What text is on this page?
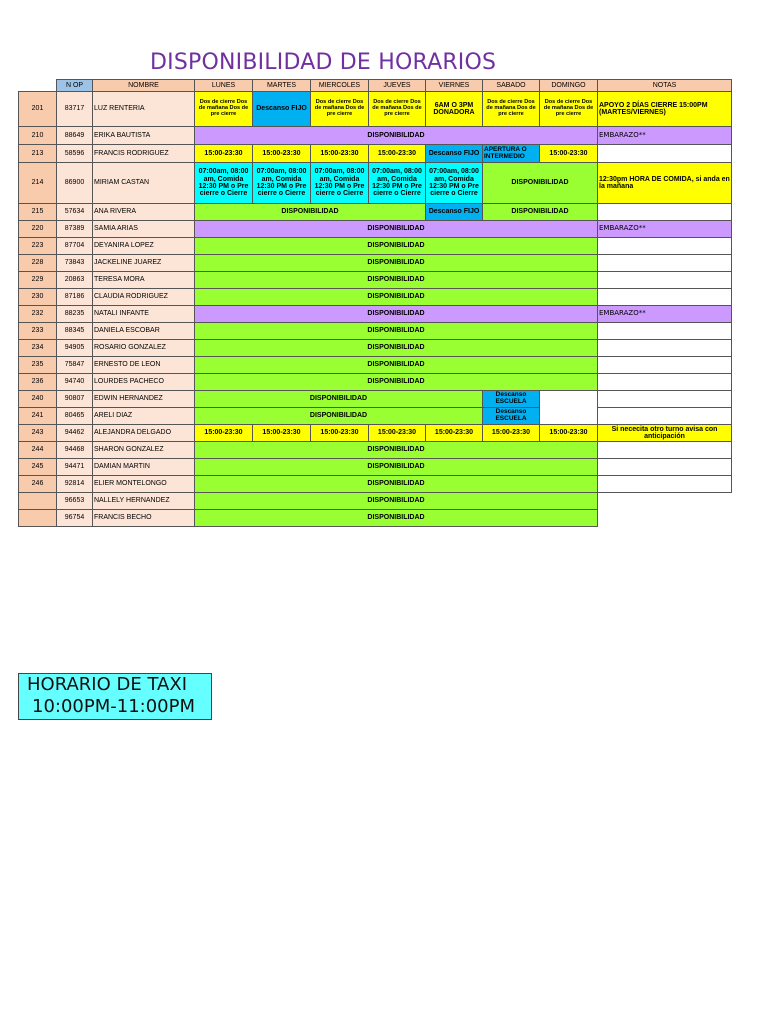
DISPONIBILIDAD DE HORARIOS
	N OP	NOMBRE	LUNES	MARTES	MIERCOLES	JUEVES	VIERNES	SABADO	DOMINGO	NOTAS
201	83717	LUZ RENTERIA	Dos de cierre Dos de mañana Dos de pre cierre	Descanso FIJO	Dos de cierre Dos de mañana Dos de pre cierre	Dos de cierre Dos de mañana Dos de pre cierre	6AM O 3PM DONADORA	Dos de cierre Dos de mañana Dos de pre cierre	Dos de cierre Dos de mañana Dos de pre cierre	APOYO 2 DÍAS CIERRE 15:00PM (MARTES/VIERNES)
210	88649	ERIKA BAUTISTA	DISPONIBILIDAD							EMBARAZO**
213	58596	FRANCIS RODRIGUEZ	15:00-23:30	15:00-23:30	15:00-23:30	15:00-23:30	Descanso FIJO	APERTURA O INTERMEDIO	15:00-23:30	
214	86900	MIRIAM CASTAN	07:00am, 08:00 am, Comida 12:30 PM o Pre cierre o Cierre	07:00am, 08:00 am, Comida 12:30 PM o Pre cierre o Cierre	07:00am, 08:00 am, Comida 12:30 PM o Pre cierre o Cierre	07:00am, 08:00 am, Comida 12:30 PM o Pre cierre o Cierre	07:00am, 08:00 am, Comida 12:30 PM o Pre cierre o Cierre	DISPONIBILIDAD		12:30pm HORA DE COMIDA, si anda en la mañana
215	57634	ANA RIVERA	DISPONIBILIDAD				Descanso FIJO	DISPONIBILIDAD		
220	87389	SAMIA ARIAS	DISPONIBILIDAD							EMBARAZO**
223	87704	DEYANIRA LOPEZ	DISPONIBILIDAD							
228	73843	JACKELINE JUAREZ	DISPONIBILIDAD							
229	20863	TERESA MORA	DISPONIBILIDAD							
230	87186	CLAUDIA RODRIGUEZ	DISPONIBILIDAD							
232	88235	NATALI INFANTE	DISPONIBILIDAD							EMBARAZO**
233	88345	DANIELA ESCOBAR	DISPONIBILIDAD							
234	94905	ROSARIO GONZALEZ	DISPONIBILIDAD							
235	75847	ERNESTO DE LEON	DISPONIBILIDAD							
236	94740	LOURDES PACHECO	DISPONIBILIDAD							
240	90807	EDWIN HERNANDEZ	DISPONIBILIDAD					Descanso ESCUELA		
241	80465	ARELI DIAZ	DISPONIBILIDAD					Descanso ESCUELA		
243	94462	ALEJANDRA DELGADO	15:00-23:30	15:00-23:30	15:00-23:30	15:00-23:30	15:00-23:30	15:00-23:30	15:00-23:30	Si nececita otro turno avisa con anticipación
244	94468	SHARON GONZALEZ	DISPONIBILIDAD							
245	94471	DAMIAN MARTIN	DISPONIBILIDAD							
246	92814	ELIER MONTELONGO	DISPONIBILIDAD							
	96653	NALLELY HERNANDEZ	DISPONIBILIDAD							
	96754	FRANCIS BECHO	DISPONIBILIDAD							
HORARIO DE TAXI
10:00PM-11:00PM
